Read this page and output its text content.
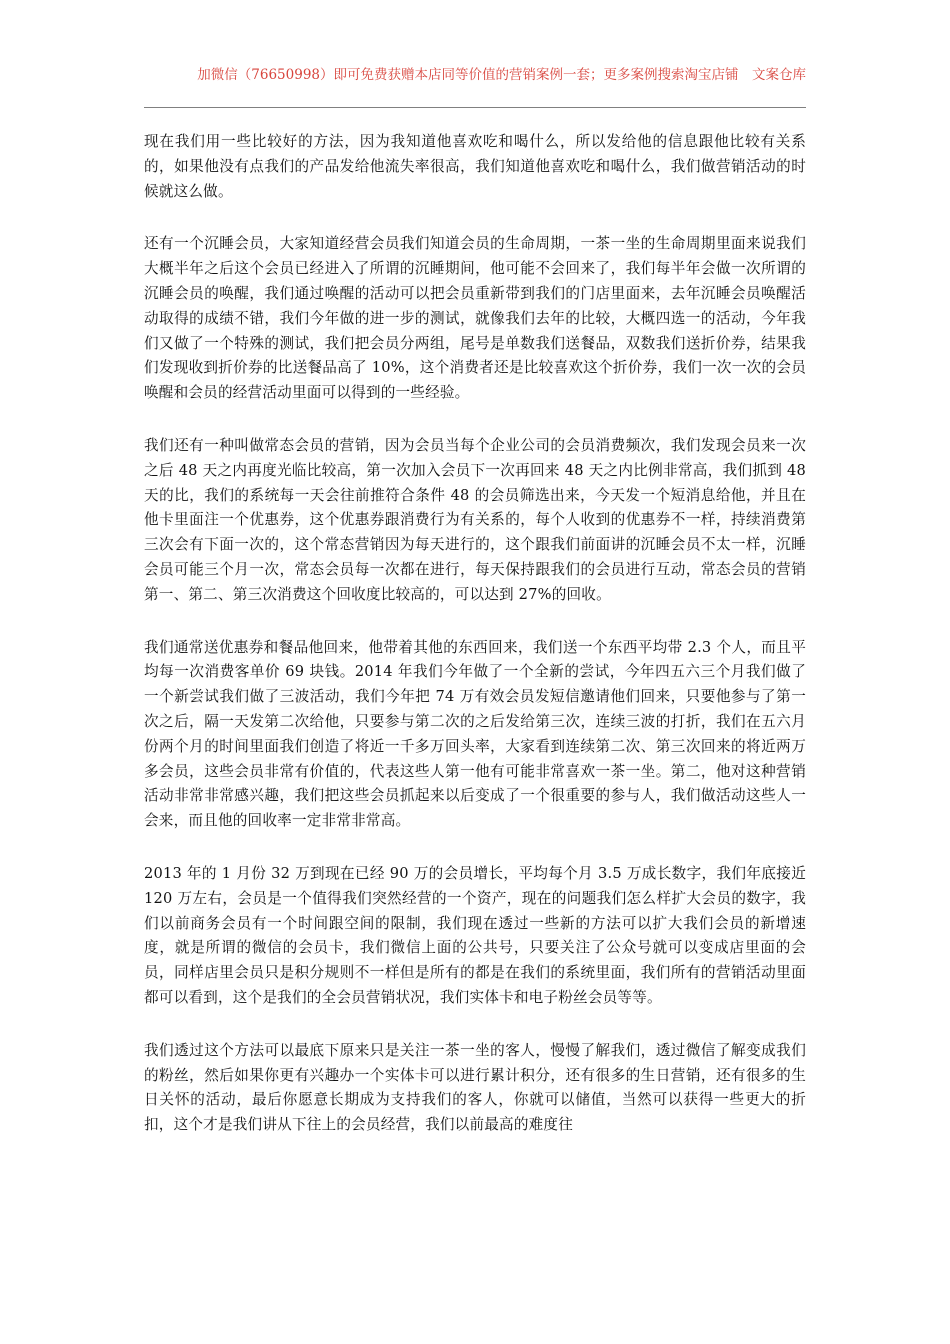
加微信（76650998）即可免费获赠本店同等价值的营销案例一套；更多案例搜索淘宝店铺　文案仓库

现在我们用一些比较好的方法，因为我知道他喜欢吃和喝什么，所以发给他的信息跟他比较有关系的，如果他没有点我们的产品发给他流失率很高，我们知道他喜欢吃和喝什么，我们做营销活动的时候就这么做。

还有一个沉睡会员，大家知道经营会员我们知道会员的生命周期，一茶一坐的生命周期里面来说我们大概半年之后这个会员已经进入了所谓的沉睡期间，他可能不会回来了，我们每半年会做一次所谓的沉睡会员的唤醒，我们通过唤醒的活动可以把会员重新带到我们的门店里面来，去年沉睡会员唤醒活动取得的成绩不错，我们今年做的进一步的测试，就像我们去年的比较，大概四选一的活动，今年我们又做了一个特殊的测试，我们把会员分两组，尾号是单数我们送餐品，双数我们送折价券，结果我们发现收到折价券的比送餐品高了 10%，这个消费者还是比较喜欢这个折价券，我们一次一次的会员唤醒和会员的经营活动里面可以得到的一些经验。

我们还有一种叫做常态会员的营销，因为会员当每个企业公司的会员消费频次，我们发现会员来一次之后 48 天之内再度光临比较高，第一次加入会员下一次再回来 48 天之内比例非常高，我们抓到 48 天的比，我们的系统每一天会往前推符合条件 48 的会员筛选出来，今天发一个短消息给他，并且在他卡里面注一个优惠券，这个优惠券跟消费行为有关系的，每个人收到的优惠券不一样，持续消费第三次会有下面一次的，这个常态营销因为每天进行的，这个跟我们前面讲的沉睡会员不太一样，沉睡会员可能三个月一次，常态会员每一次都在进行，每天保持跟我们的会员进行互动，常态会员的营销第一、第二、第三次消费这个回收度比较高的，可以达到 27%的回收。

我们通常送优惠券和餐品他回来，他带着其他的东西回来，我们送一个东西平均带 2.3 个人，而且平均每一次消费客单价 69 块钱。2014 年我们今年做了一个全新的尝试，今年四五六三个月我们做了一个新尝试我们做了三波活动，我们今年把 74 万有效会员发短信邀请他们回来，只要他参与了第一次之后，隔一天发第二次给他，只要参与第二次的之后发给第三次，连续三波的打折，我们在五六月份两个月的时间里面我们创造了将近一千多万回头率，大家看到连续第二次、第三次回来的将近两万多会员，这些会员非常有价值的，代表这些人第一他有可能非常喜欢一茶一坐。第二，他对这种营销活动非常非常感兴趣，我们把这些会员抓起来以后变成了一个很重要的参与人，我们做活动这些人一会来，而且他的回收率一定非常非常高。

2013 年的 1 月份 32 万到现在已经 90 万的会员增长，平均每个月 3.5 万成长数字，我们年底接近 120 万左右，会员是一个值得我们突然经营的一个资产，现在的问题我们怎么样扩大会员的数字，我们以前商务会员有一个时间跟空间的限制，我们现在透过一些新的方法可以扩大我们会员的新增速度，就是所谓的微信的会员卡，我们微信上面的公共号，只要关注了公众号就可以变成店里面的会员，同样店里会员只是积分规则不一样但是所有的都是在我们的系统里面，我们所有的营销活动里面都可以看到，这个是我们的全会员营销状况，我们实体卡和电子粉丝会员等等。

我们透过这个方法可以最底下原来只是关注一茶一坐的客人，慢慢了解我们，透过微信了解变成我们的粉丝，然后如果你更有兴趣办一个实体卡可以进行累计积分，还有很多的生日营销，还有很多的生日关怀的活动，最后你愿意长期成为支持我们的客人，你就可以储值，当然可以获得一些更大的折扣，这个才是我们讲从下往上的会员经营，我们以前最高的难度往
